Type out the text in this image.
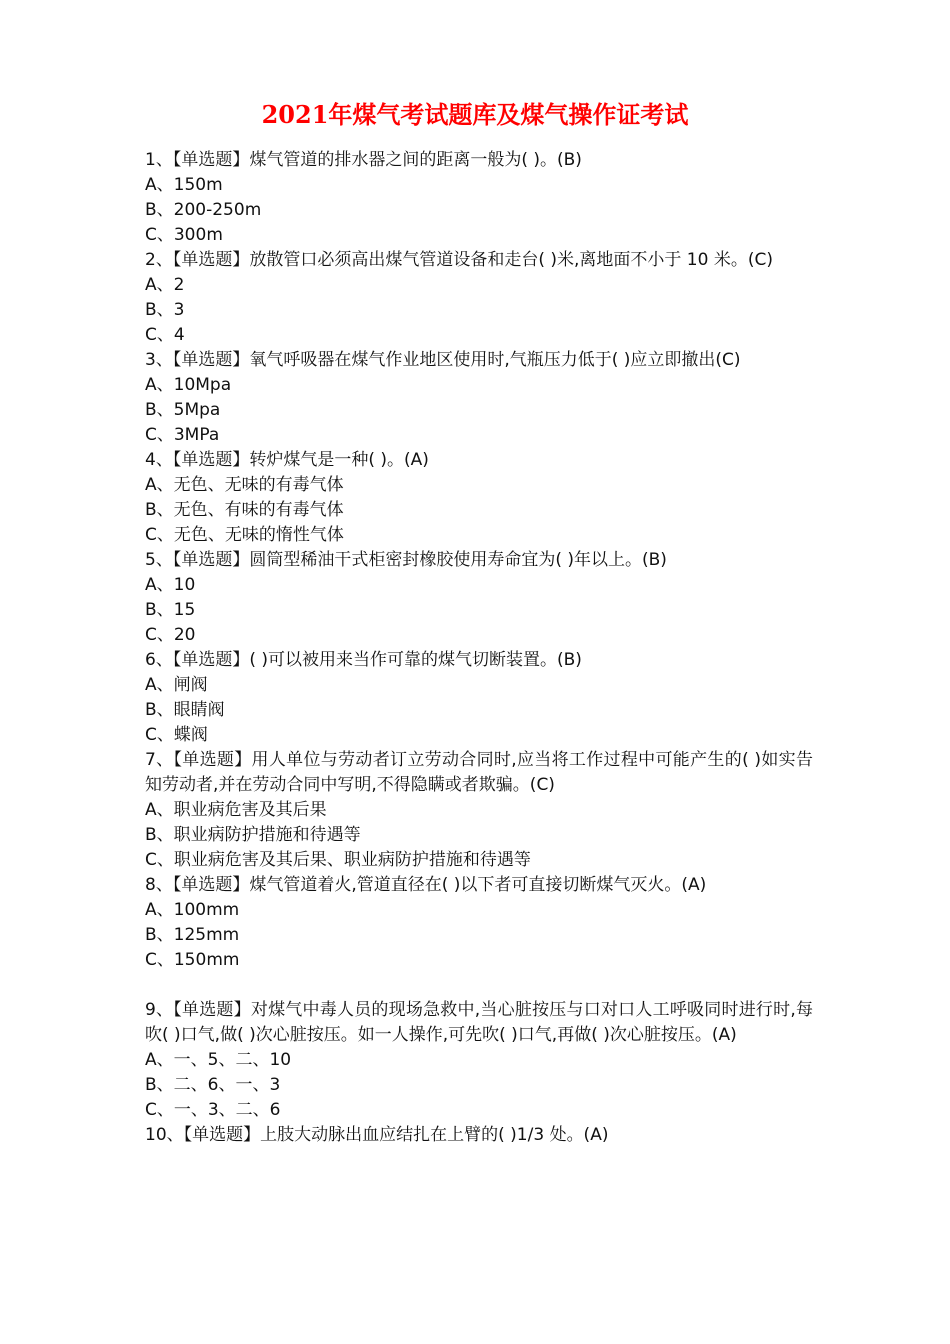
2021年煤气考试题库及煤气操作证考试
1、【单选题】煤气管道的排水器之间的距离一般为( )。(B)
A、150m
B、200-250m
C、300m
2、【单选题】放散管口必须高出煤气管道设备和走台( )米,离地面不小于 10 米。(C)
A、2
B、3
C、4
3、【单选题】氧气呼吸器在煤气作业地区使用时,气瓶压力低于( )应立即撤出(C)
A、10Mpa
B、5Mpa
C、3MPa
4、【单选题】转炉煤气是一种( )。(A)
A、无色、无味的有毒气体
B、无色、有味的有毒气体
C、无色、无味的惰性气体
5、【单选题】圆筒型稀油干式柜密封橡胶使用寿命宜为( )年以上。(B)
A、10
B、15
C、20
6、【单选题】( )可以被用来当作可靠的煤气切断装置。(B)
A、闸阀
B、眼睛阀
C、蝶阀
7、【单选题】用人单位与劳动者订立劳动合同时,应当将工作过程中可能产生的( )如实告知劳动者,并在劳动合同中写明,不得隐瞒或者欺骗。(C)
A、职业病危害及其后果
B、职业病防护措施和待遇等
C、职业病危害及其后果、职业病防护措施和待遇等
8、【单选题】煤气管道着火,管道直径在( )以下者可直接切断煤气灭火。(A)
A、100mm
B、125mm
C、150mm
9、【单选题】对煤气中毒人员的现场急救中,当心脏按压与口对口人工呼吸同时进行时,每吹( )口气,做( )次心脏按压。如一人操作,可先吹( )口气,再做( )次心脏按压。(A)
A、一、5、二、10
B、二、6、一、3
C、一、3、二、6
10、【单选题】上肢大动脉出血应结扎在上臂的( )1/3 处。(A)
